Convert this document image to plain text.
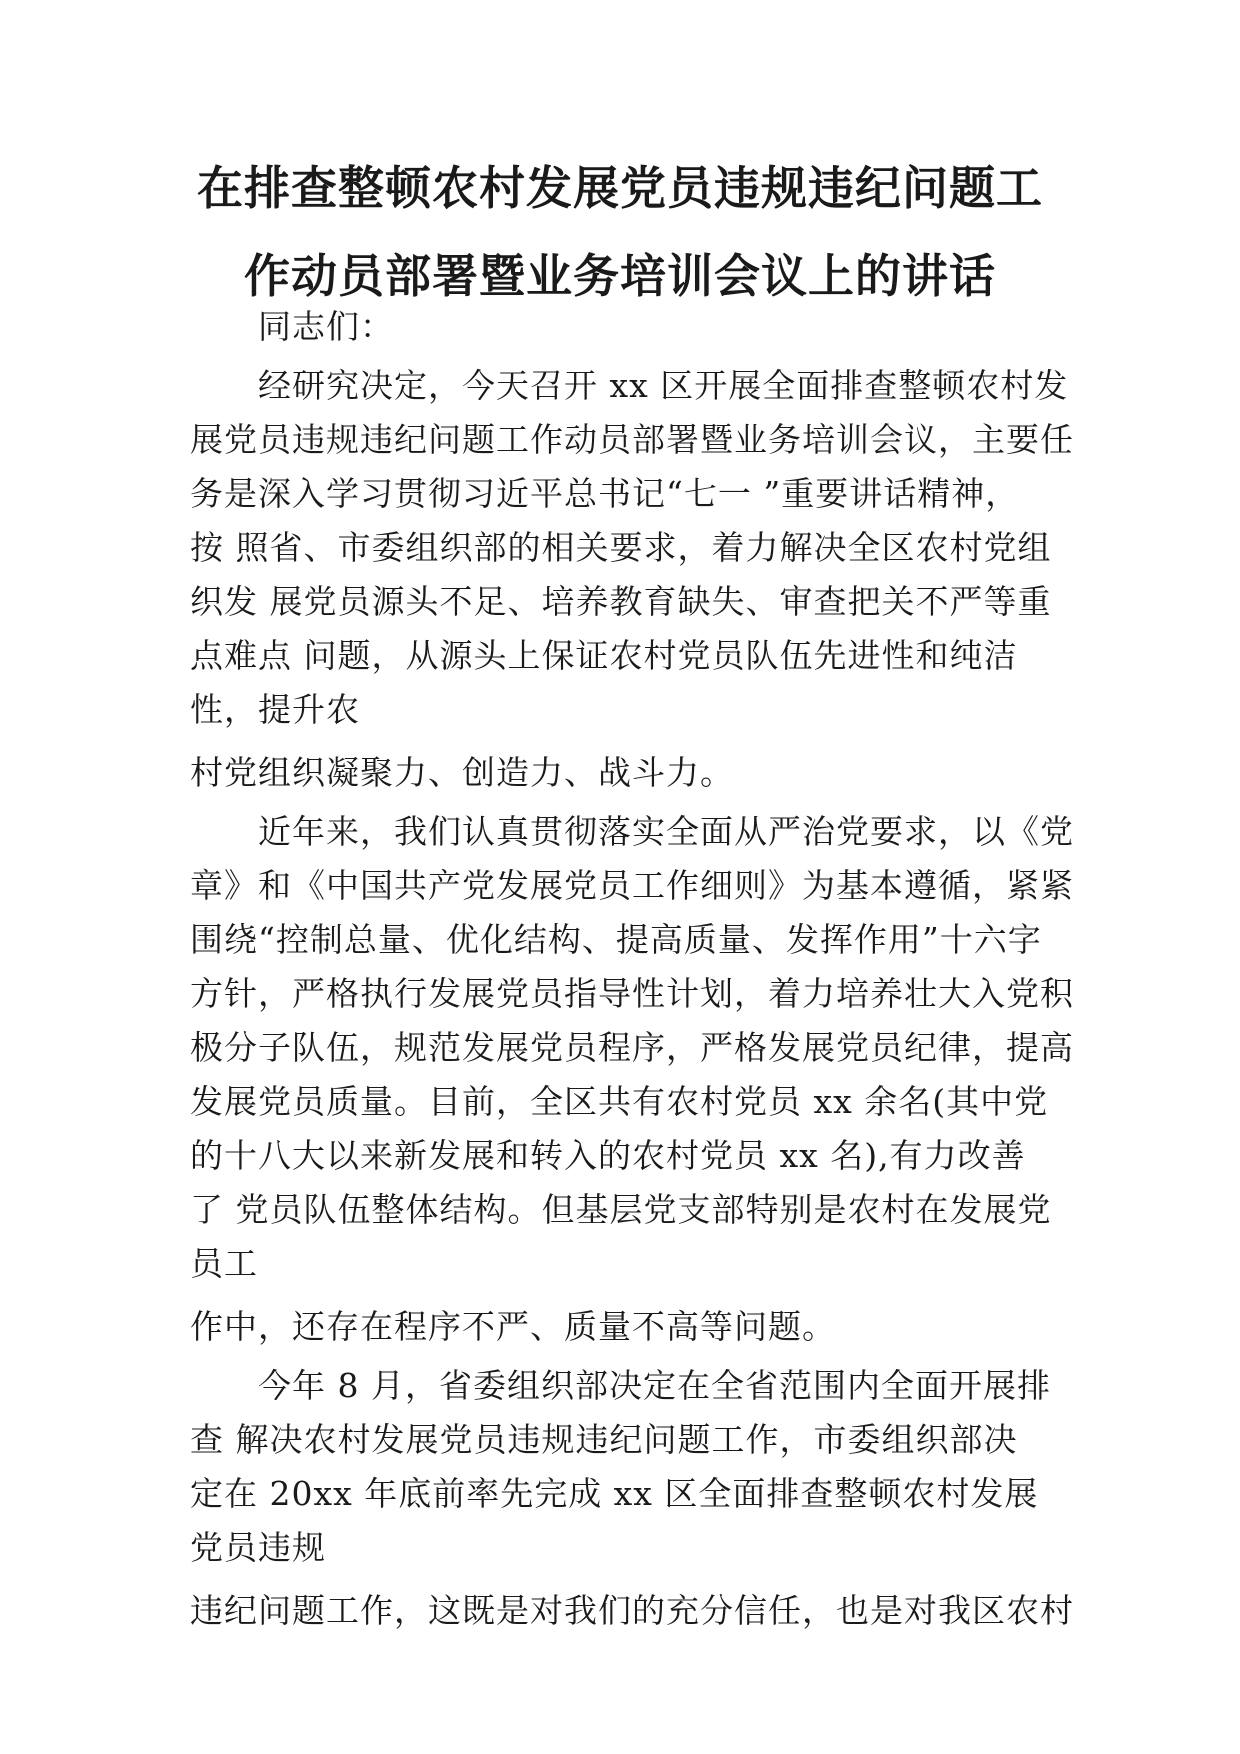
在排查整顿农村发展党员违规违纪问题工
作动员部署暨业务培训会议上的讲话
同志们：
经研究决定，今天召开 xx 区开展全面排查整顿农村发
展党员违规违纪问题工作动员部署暨业务培训会议，主要任
务是深入学习贯彻习近平总书记“七一 ”重要讲话精神，
按 照省、市委组织部的相关要求，着力解决全区农村党组
织发 展党员源头不足、培养教育缺失、审查把关不严等重
点难点 问题，从源头上保证农村党员队伍先进性和纯洁
性，提升农
村党组织凝聚力、创造力、战斗力。
近年来，我们认真贯彻落实全面从严治党要求，以《党
章》和《中国共产党发展党员工作细则》为基本遵循，紧紧
围绕“控制总量、优化结构、提高质量、发挥作用”十六字
方针，严格执行发展党员指导性计划，着力培养壮大入党积
极分子队伍，规范发展党员程序，严格发展党员纪律，提高
发展党员质量。目前，全区共有农村党员 xx 余名(其中党
的十八大以来新发展和转入的农村党员 xx 名),有力改善
了 党员队伍整体结构。但基层党支部特别是农村在发展党
员工
作中，还存在程序不严、质量不高等问题。
今年 8 月，省委组织部决定在全省范围内全面开展排
查 解决农村发展党员违规违纪问题工作，市委组织部决
定在 20xx 年底前率先完成 xx 区全面排查整顿农村发展
党员违规
违纪问题工作，这既是对我们的充分信任，也是对我区农村
